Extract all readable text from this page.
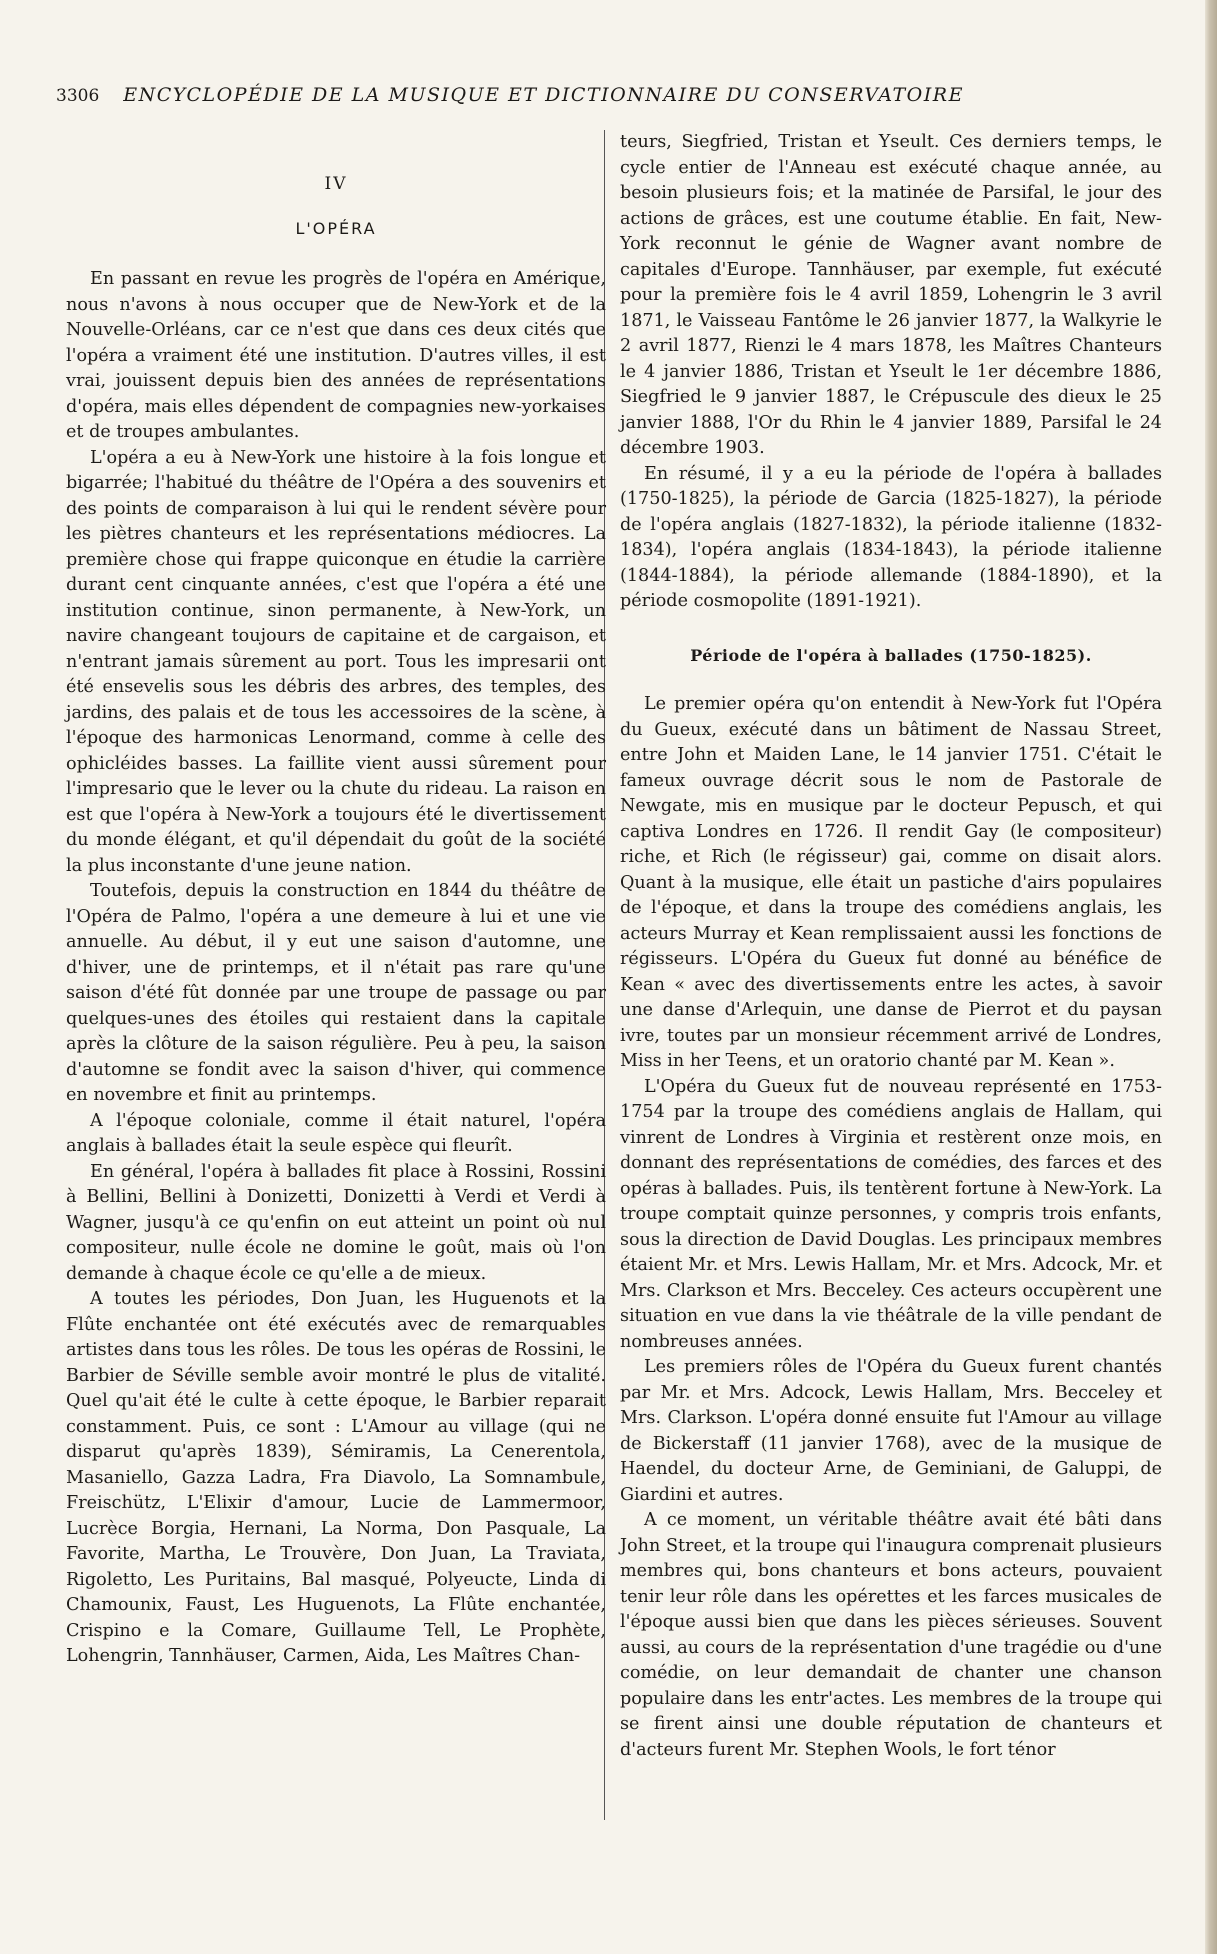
3306 ENCYCLOPÉDIE DE LA MUSIQUE ET DICTIONNAIRE DU CONSERVATOIRE
IV
L'OPÉRA

En passant en revue les progrès de l'opéra en Amérique, nous n'avons à nous occuper que de New-York et de la Nouvelle-Orléans, car ce n'est que dans ces deux cités que l'opéra a vraiment été une institution. D'autres villes, il est vrai, jouissent depuis bien des années de représentations d'opéra, mais elles dépendent de compagnies new-yorkaises et de troupes ambulantes.

L'opéra a eu à New-York une histoire à la fois longue et bigarrée; l'habitué du théâtre de l'Opéra a des souvenirs et des points de comparaison à lui qui le rendent sévère pour les piètres chanteurs et les représentations médiocres. La première chose qui frappe quiconque en étudie la carrière durant cent cinquante années, c'est que l'opéra a été une institution continue, sinon permanente, à New-York, un navire changeant toujours de capitaine et de cargaison, et n'entrant jamais sûrement au port. Tous les impresarii ont été ensevelis sous les débris des arbres, des temples, des jardins, des palais et de tous les accessoires de la scène, à l'époque des harmonicas Lenormand, comme à celle des ophicléides basses. La faillite vient aussi sûrement pour l'impresario que le lever ou la chute du rideau. La raison en est que l'opéra à New-York a toujours été le divertissement du monde élégant, et qu'il dépendait du goût de la société la plus inconstante d'une jeune nation.

Toutefois, depuis la construction en 1844 du théâtre de l'Opéra de Palmo, l'opéra a une demeure à lui et une vie annuelle. Au début, il y eut une saison d'automne, une d'hiver, une de printemps, et il n'était pas rare qu'une saison d'été fût donnée par une troupe de passage ou par quelques-unes des étoiles qui restaient dans la capitale après la clôture de la saison régulière. Peu à peu, la saison d'automne se fondit avec la saison d'hiver, qui commence en novembre et finit au printemps.

A l'époque coloniale, comme il était naturel, l'opéra anglais à ballades était la seule espèce qui fleurît.

En général, l'opéra à ballades fit place à Rossini, Rossini à Bellini, Bellini à Donizetti, Donizetti à Verdi et Verdi à Wagner, jusqu'à ce qu'enfin on eut atteint un point où nul compositeur, nulle école ne domine le goût, mais où l'on demande à chaque école ce qu'elle a de mieux.

A toutes les périodes, Don Juan, les Huguenots et la Flûte enchantée ont été exécutés avec de remarquables artistes dans tous les rôles. De tous les opéras de Rossini, le Barbier de Séville semble avoir montré le plus de vitalité. Quel qu'ait été le culte à cette époque, le Barbier reparait constamment. Puis, ce sont : L'Amour au village (qui ne disparut qu'après 1839), Sémiramis, La Cenerentola, Masaniello, Gazza Ladra, Fra Diavolo, La Somnambule, Freischütz, L'Elixir d'amour, Lucie de Lammermoor, Lucrèce Borgia, Hernani, La Norma, Don Pasquale, La Favorite, Martha, Le Trouvère, Don Juan, La Traviata, Rigoletto, Les Puritains, Bal masqué, Polyeucte, Linda di Chamounix, Faust, Les Huguenots, La Flûte enchantée, Crispino e la Comare, Guillaume Tell, Le Prophète, Lohengrin, Tannhäuser, Carmen, Aida, Les Maîtres Chan-

teurs, Siegfried, Tristan et Yseult. Ces derniers temps, le cycle entier de l'Anneau est exécuté chaque année, au besoin plusieurs fois; et la matinée de Parsifal, le jour des actions de grâces, est une coutume établie. En fait, New-York reconnut le génie de Wagner avant nombre de capitales d'Europe. Tannhäuser, par exemple, fut exécuté pour la première fois le 4 avril 1859, Lohengrin le 3 avril 1871, le Vaisseau Fantôme le 26 janvier 1877, la Walkyrie le 2 avril 1877, Rienzi le 4 mars 1878, les Maîtres Chanteurs le 4 janvier 1886, Tristan et Yseult le 1er décembre 1886, Siegfried le 9 janvier 1887, le Crépuscule des dieux le 25 janvier 1888, l'Or du Rhin le 4 janvier 1889, Parsifal le 24 décembre 1903.

En résumé, il y a eu la période de l'opéra à ballades (1750-1825), la période de Garcia (1825-1827), la période de l'opéra anglais (1827-1832), la période italienne (1832-1834), l'opéra anglais (1834-1843), la période italienne (1844-1884), la période allemande (1884-1890), et la période cosmopolite (1891-1921).

Période de l'opéra à ballades (1750-1825).

Le premier opéra qu'on entendit à New-York fut l'Opéra du Gueux, exécuté dans un bâtiment de Nassau Street, entre John et Maiden Lane, le 14 janvier 1751. C'était le fameux ouvrage décrit sous le nom de Pastorale de Newgate, mis en musique par le docteur Pepusch, et qui captiva Londres en 1726. Il rendit Gay (le compositeur) riche, et Rich (le régisseur) gai, comme on disait alors. Quant à la musique, elle était un pastiche d'airs populaires de l'époque, et dans la troupe des comédiens anglais, les acteurs Murray et Kean remplissaient aussi les fonctions de régisseurs. L'Opéra du Gueux fut donné au bénéfice de Kean « avec des divertissements entre les actes, à savoir une danse d'Arlequin, une danse de Pierrot et du paysan ivre, toutes par un monsieur récemment arrivé de Londres, Miss in her Teens, et un oratorio chanté par M. Kean ».

L'Opéra du Gueux fut de nouveau représenté en 1753-1754 par la troupe des comédiens anglais de Hallam, qui vinrent de Londres à Virginia et restèrent onze mois, en donnant des représentations de comédies, des farces et des opéras à ballades. Puis, ils tentèrent fortune à New-York. La troupe comptait quinze personnes, y compris trois enfants, sous la direction de David Douglas. Les principaux membres étaient Mr. et Mrs. Lewis Hallam, Mr. et Mrs. Adcock, Mr. et Mrs. Clarkson et Mrs. Becceley. Ces acteurs occupèrent une situation en vue dans la vie théâtrale de la ville pendant de nombreuses années.

Les premiers rôles de l'Opéra du Gueux furent chantés par Mr. et Mrs. Adcock, Lewis Hallam, Mrs. Becceley et Mrs. Clarkson. L'opéra donné ensuite fut l'Amour au village de Bickerstaff (11 janvier 1768), avec de la musique de Haendel, du docteur Arne, de Geminiani, de Galuppi, de Giardini et autres.

A ce moment, un véritable théâtre avait été bâti dans John Street, et la troupe qui l'inaugura comprenait plusieurs membres qui, bons chanteurs et bons acteurs, pouvaient tenir leur rôle dans les opérettes et les farces musicales de l'époque aussi bien que dans les pièces sérieuses. Souvent aussi, au cours de la représentation d'une tragédie ou d'une comédie, on leur demandait de chanter une chanson populaire dans les entr'actes. Les membres de la troupe qui se firent ainsi une double réputation de chanteurs et d'acteurs furent Mr. Stephen Wools, le fort ténor
